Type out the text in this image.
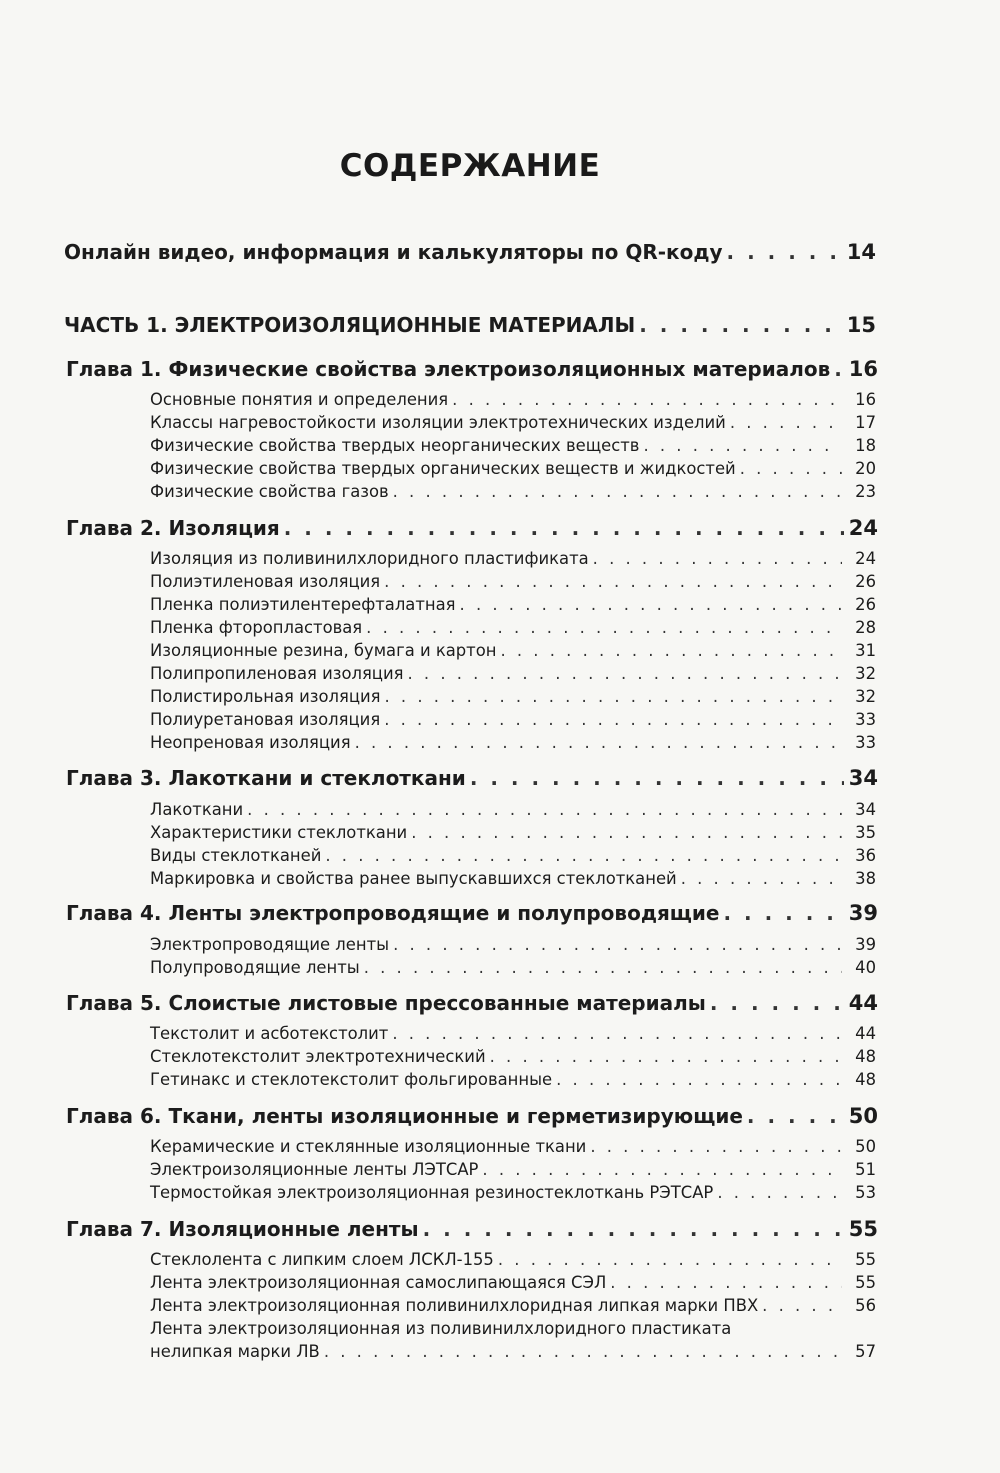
СОДЕРЖАНИЕ
Онлайн видео, информация и калькуляторы по QR-коду . . .	14
ЧАСТЬ 1. ЭЛЕКТРОИЗОЛЯЦИОННЫЕ МАТЕРИАЛЫ . . .	15
Глава 1. Физические свойства электроизоляционных материалов . . . 16
Основные понятия и определения . . .	16
Классы нагревостойкости изоляции электротехнических изделий . . .	17
Физические свойства твердых неорганических веществ . . .	18
Физические свойства твердых органических веществ и жидкостей . . .	20
Физические свойства газов . . .	23
Глава 2. Изоляция . . .	24
Изоляция из поливинилхлоридного пластификата . . .	24
Полиэтиленовая изоляция . . .	26
Пленка полиэтилентерефталатная . . .	26
Пленка фторопластовая . . .	28
Изоляционные резина, бумага и картон . . .	31
Полипропиленовая изоляция . . .	32
Полистирольная изоляция . . .	32
Полиуретановая изоляция . . .	33
Неопреновая изоляция . . .	33
Глава 3. Лакоткани и стеклоткани . . .	34
Лакоткани . . .	34
Характеристики стеклоткани . . .	35
Виды стеклотканей . . .	36
Маркировка и свойства ранее выпускавшихся стеклотканей . . .	38
Глава 4. Ленты электропроводящие и полупроводящие . . .	39
Электропроводящие ленты . . .	39
Полупроводящие ленты . . .	40
Глава 5. Слоистые листовые прессованные материалы . . .	44
Текстолит и асботекстолит . . .	44
Стеклотекстолит электротехнический . . .	48
Гетинакс и стеклотекстолит фольгированные . . .	48
Глава 6. Ткани, ленты изоляционные и герметизирующие . . .	50
Керамические и стеклянные изоляционные ткани . . .	50
Электроизоляционные ленты ЛЭТСАР . . .	51
Термостойкая электроизоляционная резиностеклоткань РЭТСАР . . .	53
Глава 7. Изоляционные ленты . . .	55
Стеклолента с липким слоем ЛСКЛ-155 . . .	55
Лента электроизоляционная самослипающаяся СЭЛ . . .	55
Лента электроизоляционная поливинилхлоридная липкая марки ПВХ . . .	56
Лента электроизоляционная из поливинилхлоридного пластиката
нелипкая марки ЛВ . . .	57
